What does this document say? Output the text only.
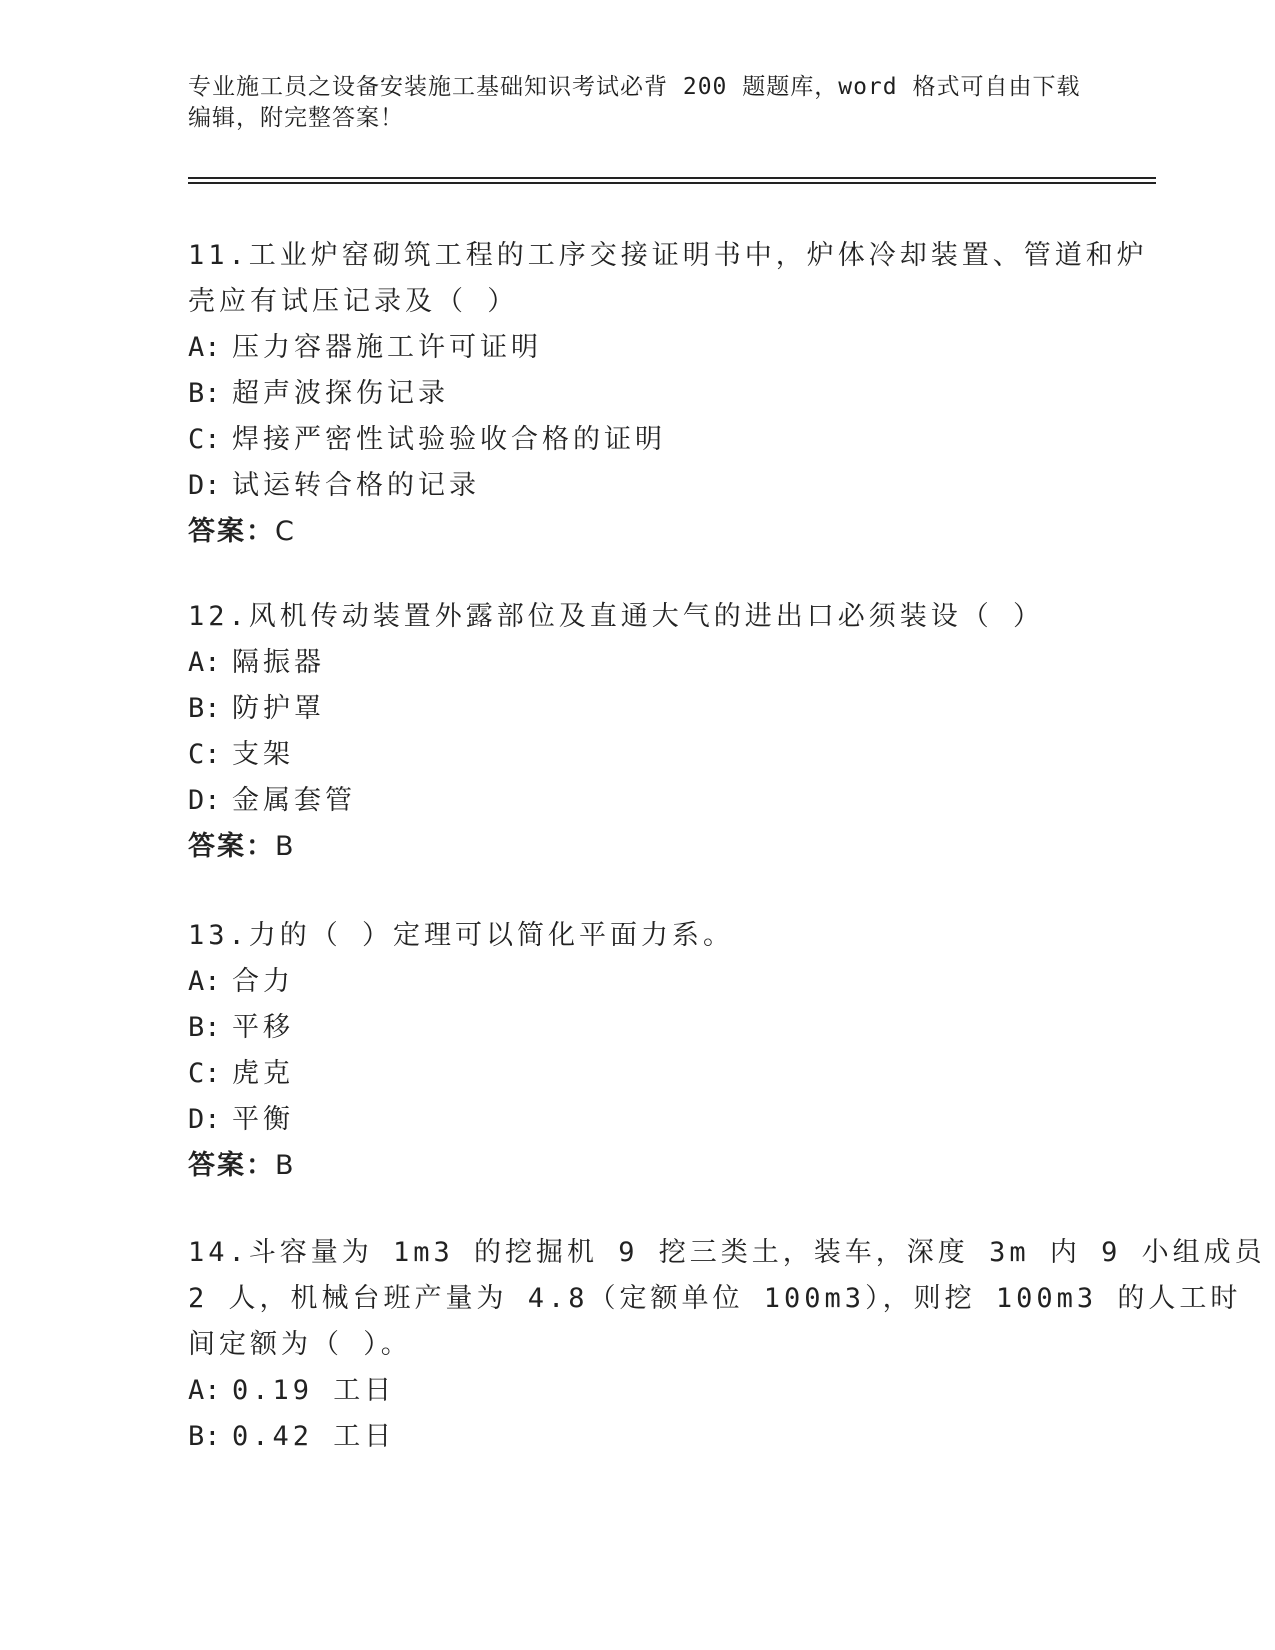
专业施工员之设备安装施工基础知识考试必背 200 题题库，word 格式可自由下载
编辑，附完整答案！
11.工业炉窑砌筑工程的工序交接证明书中，炉体冷却装置、管道和炉
壳应有试压记录及（ ）
A: 压力容器施工许可证明
B: 超声波探伤记录
C: 焊接严密性试验验收合格的证明
D: 试运转合格的记录
答案：C
12.风机传动装置外露部位及直通大气的进出口必须装设（ ）
A: 隔振器
B: 防护罩
C: 支架
D: 金属套管
答案：B
13.力的（ ）定理可以简化平面力系。
A: 合力
B: 平移
C: 虎克
D: 平衡
答案：B
14.斗容量为 1m3 的挖掘机 9 挖三类土，装车，深度 3m 内 9 小组成员
2 人，机械台班产量为 4.8（定额单位 100m3），则挖 100m3 的人工时
间定额为（ ）。
A: 0.19 工日
B: 0.42 工日
